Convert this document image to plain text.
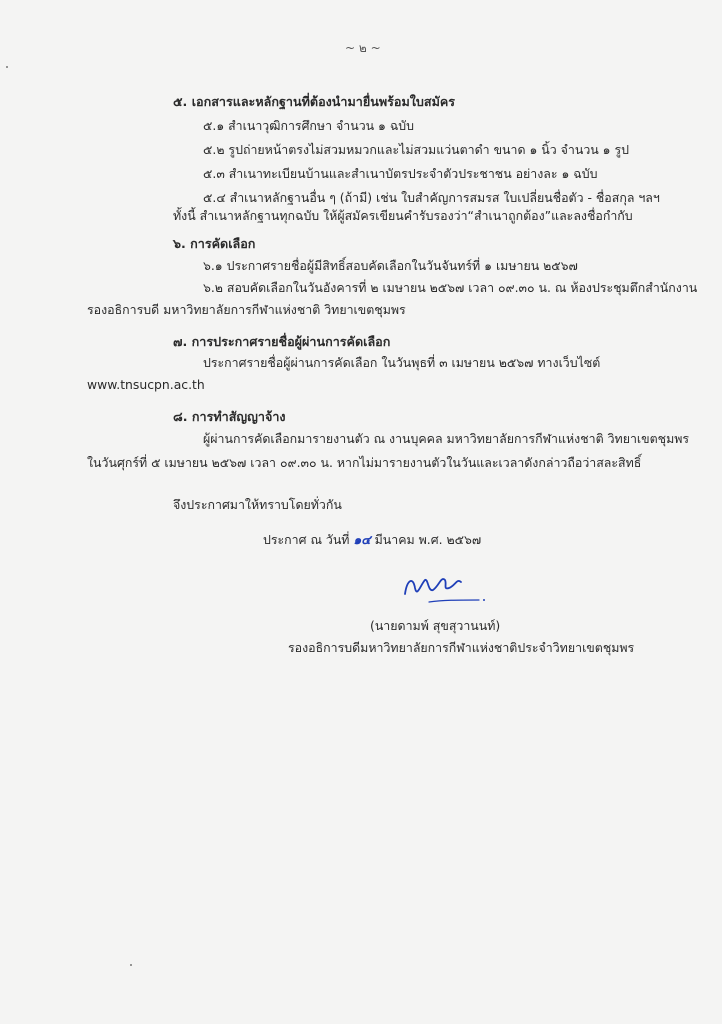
~ ๒ ~
๕. เอกสารและหลักฐานที่ต้องนำมายื่นพร้อมใบสมัคร
๕.๑ สำเนาวุฒิการศึกษา จำนวน ๑ ฉบับ
๕.๒ รูปถ่ายหน้าตรงไม่สวมหมวกและไม่สวมแว่นตาดำ ขนาด ๑ นิ้ว จำนวน ๑ รูป
๕.๓ สำเนาทะเบียนบ้านและสำเนาบัตรประจำตัวประชาชน อย่างละ ๑ ฉบับ
๕.๔ สำเนาหลักฐานอื่น ๆ (ถ้ามี) เช่น ใบสำคัญการสมรส ใบเปลี่ยนชื่อตัว - ชื่อสกุล ฯลฯ
ทั้งนี้ สำเนาหลักฐานทุกฉบับ ให้ผู้สมัครเขียนคำรับรองว่า“สำเนาถูกต้อง”และลงชื่อกำกับ
๖. การคัดเลือก
๖.๑ ประกาศรายชื่อผู้มีสิทธิ์สอบคัดเลือกในวันจันทร์ที่ ๑ เมษายน ๒๕๖๗
๖.๒ สอบคัดเลือกในวันอังคารที่ ๒ เมษายน ๒๕๖๗ เวลา ๐๙.๓๐ น. ณ ห้องประชุมตึกสำนักงาน
รองอธิการบดี มหาวิทยาลัยการกีฬาแห่งชาติ วิทยาเขตชุมพร
๗. การประกาศรายชื่อผู้ผ่านการคัดเลือก
ประกาศรายชื่อผู้ผ่านการคัดเลือก ในวันพุธที่ ๓ เมษายน ๒๕๖๗ ทางเว็บไซต์
www.tnsucpn.ac.th
๘. การทำสัญญาจ้าง
ผู้ผ่านการคัดเลือกมารายงานตัว ณ งานบุคคล มหาวิทยาลัยการกีฬาแห่งชาติ วิทยาเขตชุมพร
ในวันศุกร์ที่ ๕ เมษายน ๒๕๖๗ เวลา ๐๙.๓๐ น. หากไม่มารายงานตัวในวันและเวลาดังกล่าวถือว่าสละสิทธิ์
จึงประกาศมาให้ทราบโดยทั่วกัน
ประกาศ ณ วันที่ ๑๔ มีนาคม พ.ศ. ๒๕๖๗
(นายดามพ์ สุขสุวานนท์)
รองอธิการบดีมหาวิทยาลัยการกีฬาแห่งชาติประจำวิทยาเขตชุมพร
